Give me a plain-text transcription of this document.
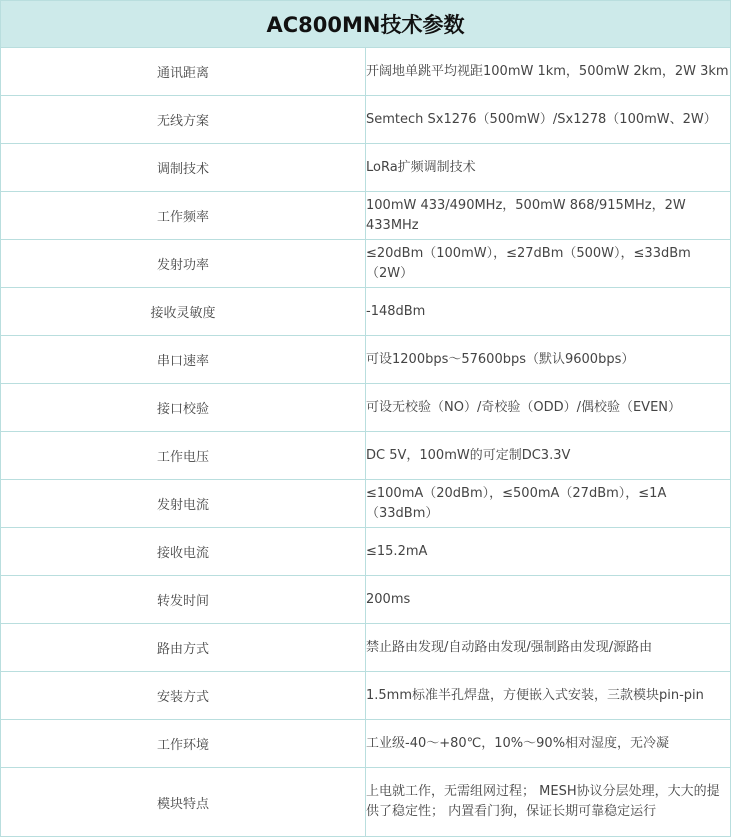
AC800MN技术参数	
通讯距离	开阔地单跳平均视距100mW 1km，500mW 2km，2W 3km
无线方案	Semtech Sx1276（500mW）/Sx1278（100mW、2W）
调制技术	LoRa扩频调制技术
工作频率	100mW 433/490MHz，500mW 868/915MHz，2W 433MHz
发射功率	≤20dBm（100mW），≤27dBm（500W），≤33dBm（2W）
接收灵敏度	-148dBm
串口速率	可设1200bps～57600bps（默认9600bps）
接口校验	可设无校验（NO）/奇校验（ODD）/偶校验（EVEN）
工作电压	DC 5V，100mW的可定制DC3.3V
发射电流	≤100mA（20dBm），≤500mA（27dBm），≤1A（33dBm）
接收电流	≤15.2mA
转发时间	200ms
路由方式	禁止路由发现/自动路由发现/强制路由发现/源路由
安装方式	1.5mm标准半孔焊盘，方便嵌入式安装，三款模块pin-pin
工作环境	工业级-40～+80℃，10%～90%相对湿度，无冷凝
模块特点	上电就工作，无需组网过程； MESH协议分层处理，大大的提供了稳定性； 内置看门狗，保证长期可靠稳定运行
